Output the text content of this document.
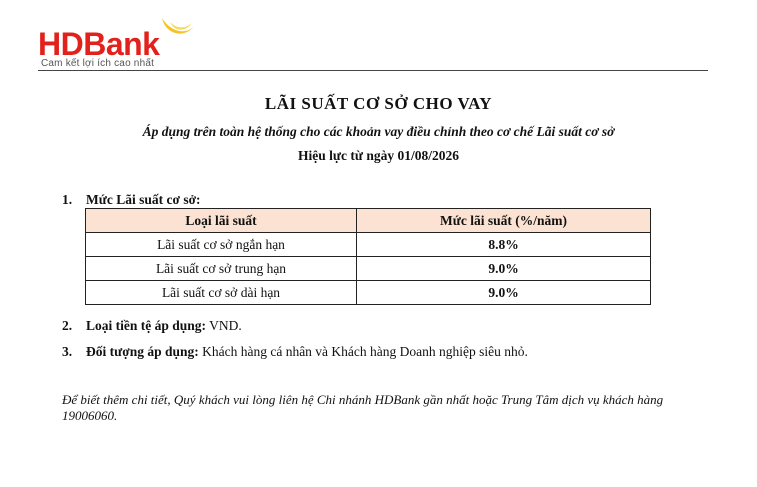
HDBank
Cam kết lợi ích cao nhất
LÃI SUẤT CƠ SỞ CHO VAY
Áp dụng trên toàn hệ thống cho các khoản vay điều chỉnh theo cơ chế Lãi suất cơ sở
Hiệu lực từ ngày 01/08/2026
1. Mức Lãi suất cơ sở:
Loại lãi suất	Mức lãi suất (%/năm)
Lãi suất cơ sở ngắn hạn	8.8%
Lãi suất cơ sở trung hạn	9.0%
Lãi suất cơ sở dài hạn	9.0%
2. Loại tiền tệ áp dụng: VND.
3. Đối tượng áp dụng: Khách hàng cá nhân và Khách hàng Doanh nghiệp siêu nhỏ.
Để biết thêm chi tiết, Quý khách vui lòng liên hệ Chi nhánh HDBank gần nhất hoặc Trung Tâm dịch vụ khách hàng 19006060.
